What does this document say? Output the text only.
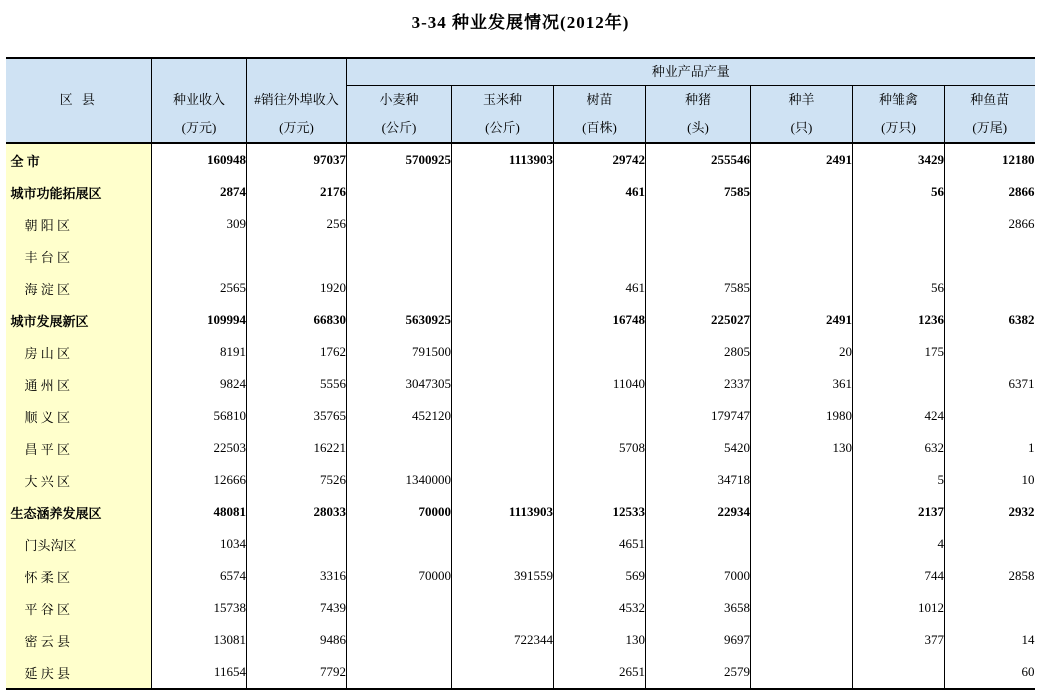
3-34 种业发展情况(2012年)
区 县			种业产品产量						
	种业收入	#销往外埠收入	小麦种	玉米种	树苗	种猪	种羊	种雏禽	种鱼苗
	(万元)	(万元)	(公斤)	(公斤)	(百株)	(头)	(只)	(万只)	(万尾)
全 市	160948	97037	5700925	1113903	29742	255546	2491	3429	12180
城市功能拓展区	2874	2176			461	7585		56	2866
朝 阳 区	309	256							2866
丰 台 区									
海 淀 区	2565	1920			461	7585		56	
城市发展新区	109994	66830	5630925		16748	225027	2491	1236	6382
房 山 区	8191	1762	791500			2805	20	175	
通 州 区	9824	5556	3047305		11040	2337	361		6371
顺 义 区	56810	35765	452120			179747	1980	424	
昌 平 区	22503	16221			5708	5420	130	632	1
大 兴 区	12666	7526	1340000			34718		5	10
生态涵养发展区	48081	28033	70000	1113903	12533	22934		2137	2932
门头沟区	1034				4651			4	
怀 柔 区	6574	3316	70000	391559	569	7000		744	2858
平 谷 区	15738	7439			4532	3658		1012	
密 云 县	13081	9486		722344	130	9697		377	14
延 庆 县	11654	7792			2651	2579			60
